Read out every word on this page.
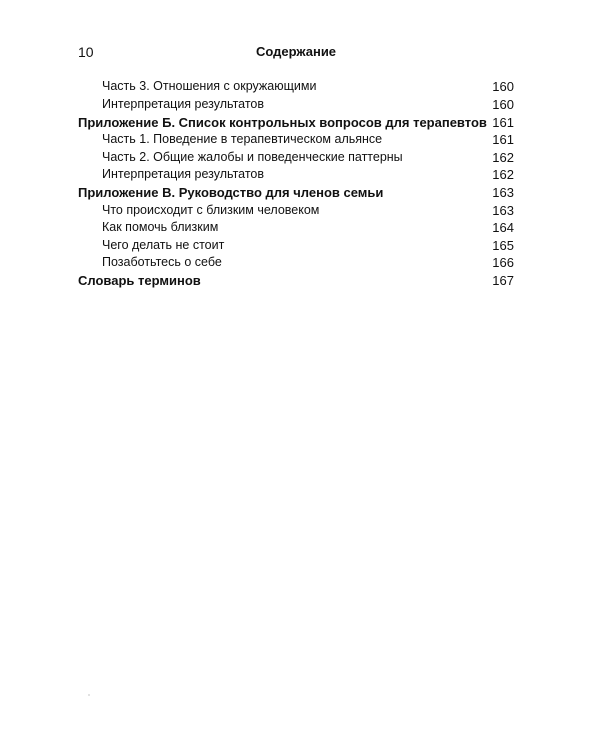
10	Содержание
Часть 3. Отношения с окружающими	160
Интерпретация результатов	160
Приложение Б. Список контрольных вопросов для терапевтов 161
Часть 1. Поведение в терапевтическом альянсе	161
Часть 2. Общие жалобы и поведенческие паттерны	162
Интерпретация результатов	162
Приложение В. Руководство для членов семьи	163
Что происходит с близким человеком	163
Как помочь близким	164
Чего делать не стоит	165
Позаботьтесь о себе	166
Словарь терминов	167
